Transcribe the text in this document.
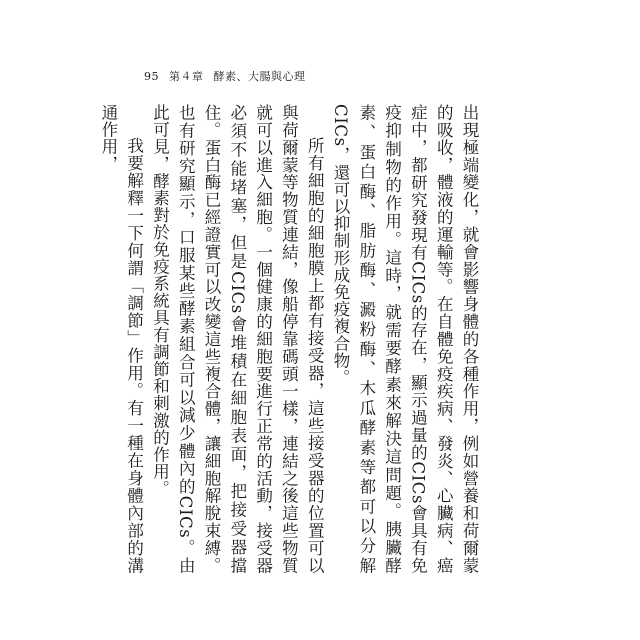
95 第４章 酵素、大腸與心理

出現極端變化，就會影響身體的各種作用，例如營養和荷爾蒙的吸收，體液的運輸等。在自體免疫疾病、發炎、心臟病、癌症中，都研究發現有CICs的存在，顯示過量的CICs會具有免疫抑制物的作用。這時，就需要酵素來解決這問題。胰臟酵素、蛋白酶、脂肪酶、澱粉酶、木瓜酵素等都可以分解CICs，還可以抑制形成免疫複合物。

所有細胞的細胞膜上都有接受器，這些接受器的位置可以與荷爾蒙等物質連結，像船停靠碼頭一樣，連結之後這些物質就可以進入細胞。一個健康的細胞要進行正常的活動，接受器必須不能堵塞，但是CICs會堆積在細胞表面，把接受器擋住。蛋白酶已經證實可以改變這些複合體，讓細胞解脫束縛。也有研究顯示，口服某些酵素組合可以減少體內的CICs。由此可見，酵素對於免疫系統具有調節和刺激的作用。

我要解釋一下何謂「調節」作用。有一種在身體內部的溝通作用，
